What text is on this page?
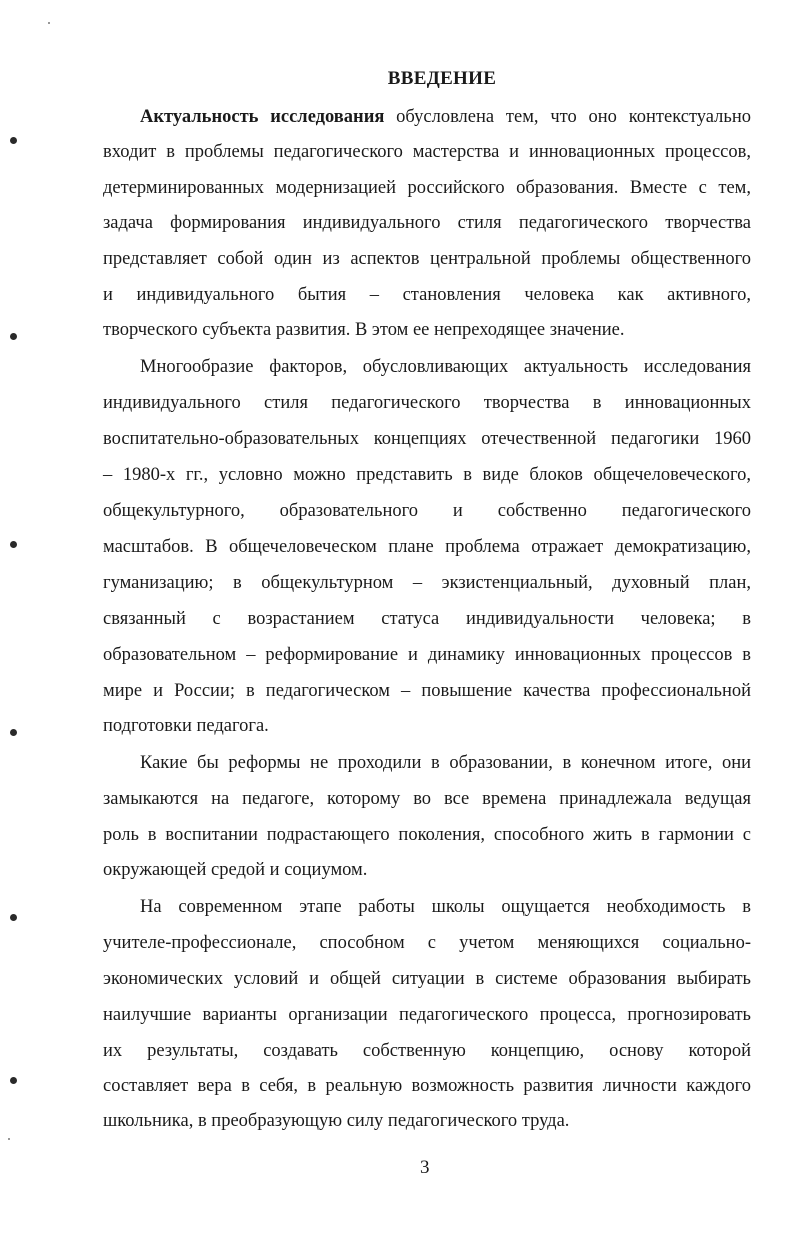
ВВЕДЕНИЕ
Актуальность исследования обусловлена тем, что оно контекстуально
входит в проблемы педагогического мастерства и инновационных процессов,
детерминированных модернизацией российского образования. Вместе с тем,
задача формирования индивидуального стиля педагогического творчества
представляет собой один из аспектов центральной проблемы общественного
и индивидуального бытия – становления человека как активного,
творческого субъекта развития. В этом ее непреходящее значение.
Многообразие факторов, обусловливающих актуальность исследования
индивидуального стиля педагогического творчества в инновационных
воспитательно-образовательных концепциях отечественной педагогики 1960
– 1980-х гг., условно можно представить в виде блоков общечеловеческого,
общекультурного, образовательного и собственно педагогического
масштабов. В общечеловеческом плане проблема отражает демократизацию,
гуманизацию; в общекультурном – экзистенциальный, духовный план,
связанный с возрастанием статуса индивидуальности человека; в
образовательном – реформирование и динамику инновационных процессов в
мире и России; в педагогическом – повышение качества профессиональной
подготовки педагога.
Какие бы реформы не проходили в образовании, в конечном итоге, они
замыкаются на педагоге, которому во все времена принадлежала ведущая
роль в воспитании подрастающего поколения, способного жить в гармонии с
окружающей средой и социумом.
На современном этапе работы школы ощущается необходимость в
учителе-профессионале, способном с учетом меняющихся социально-
экономических условий и общей ситуации в системе образования выбирать
наилучшие варианты организации педагогического процесса, прогнозировать
их результаты, создавать собственную концепцию, основу которой
составляет вера в себя, в реальную возможность развития личности каждого
школьника, в преобразующую силу педагогического труда.
3
